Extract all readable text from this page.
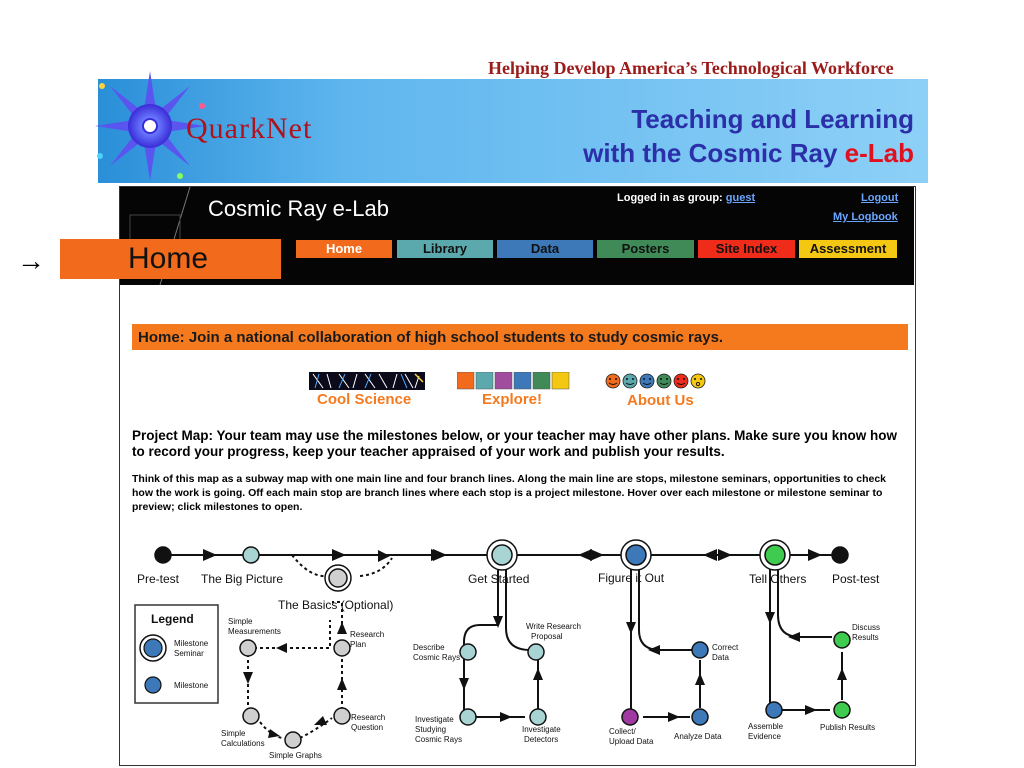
Helping Develop America’s Technological Workforce
QuarkNet	Teaching and Learning
with the Cosmic Ray e-Lab
Cosmic Ray e-Lab	Logged in as group: guest	Logout
My Logbook
Home	Library	Data	Posters	Site Index	Assessment
→	Home
Home: Join a national collaboration of high school students to study cosmic rays.
Cool Science	Explore!	About Us
Project Map: Your team may use the milestones below, or your teacher may have other plans. Make sure you know how to record your progress, keep your teacher appraised of your work and publish your results.
Think of this map as a subway map with one main line and four branch lines. Along the main line are stops, milestone seminars, opportunities to check how the work is going. Off each main stop are branch lines where each stop is a project milestone. Hover over each milestone or milestone seminar to preview; click milestones to open.
Legend
Milestone Seminar
Milestone
Pre-test The Big Picture
The Basics (Optional)
Get Started	Figure it Out	Tell Others Post-test
Simple Measurements	Research Plan
Simple Calculations
Simple Graphs
Research Question
Write Research Proposal
Describe Cosmic Rays
Investigate Studying Cosmic Rays
Investigate Detectors
Correct Data
Collect/ Upload Data
Analyze Data
Discuss Results
Assemble Evidence
Publish Results
